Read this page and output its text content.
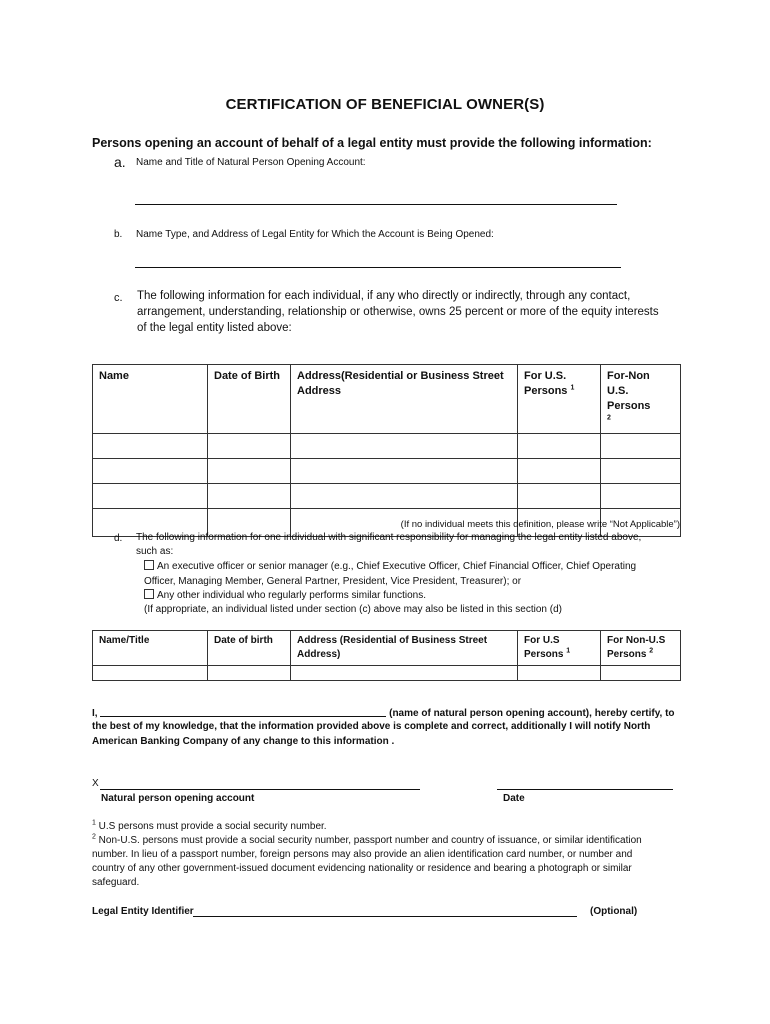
CERTIFICATION OF BENEFICIAL OWNER(S)
Persons opening an account of behalf of a legal entity must provide the following information:
a. Name and Title of Natural Person Opening Account:
b. Name Type, and Address of Legal Entity for Which the Account is Being Opened:
c. The following information for each individual, if any who directly or indirectly, through any contact,
arrangement, understanding, relationship or otherwise, owns 25 percent or more of the equity interests
of the legal entity listed above:
Name	Date of Birth	Address(Residential or Business Street Address	For U.S. Persons $^1$	For-Non U.S. Persons
$^2$

(If no individual meets this definition, please write “Not Applicable”)
d. The following information for one individual with significant responsibility for managing the legal entity listed above,
such as:
An executive officer or senior manager (e.g., Chief Executive Officer, Chief Financial Officer, Chief Operating
Officer, Managing Member, General Partner, President, Vice President, Treasurer); or
Any other individual who regularly performs similar functions.
(If appropriate, an individual listed under section (c) above may also be listed in this section (d)
Name/Title	Date of birth	Address (Residential of Business Street Address)	For U.S Persons $^1$	For Non-U.S Persons $^2$

I,	(name of natural person opening account), hereby certify, to
the best of my knowledge, that the information provided above is complete and correct, additionally I will notify North
American Banking Company of any change to this information .
X
Natural person opening account	Date
$^1$ U.S persons must provide a social security number.
$^2$ Non-U.S. persons must provide a social security number, passport number and country of issuance, or similar identification
number. In lieu of a passport number, foreign persons may also provide an alien identification card number, or number and
country of any other government-issued document evidencing nationality or residence and bearing a photograph or similar
safeguard.
Legal Entity Identifier	(Optional)
